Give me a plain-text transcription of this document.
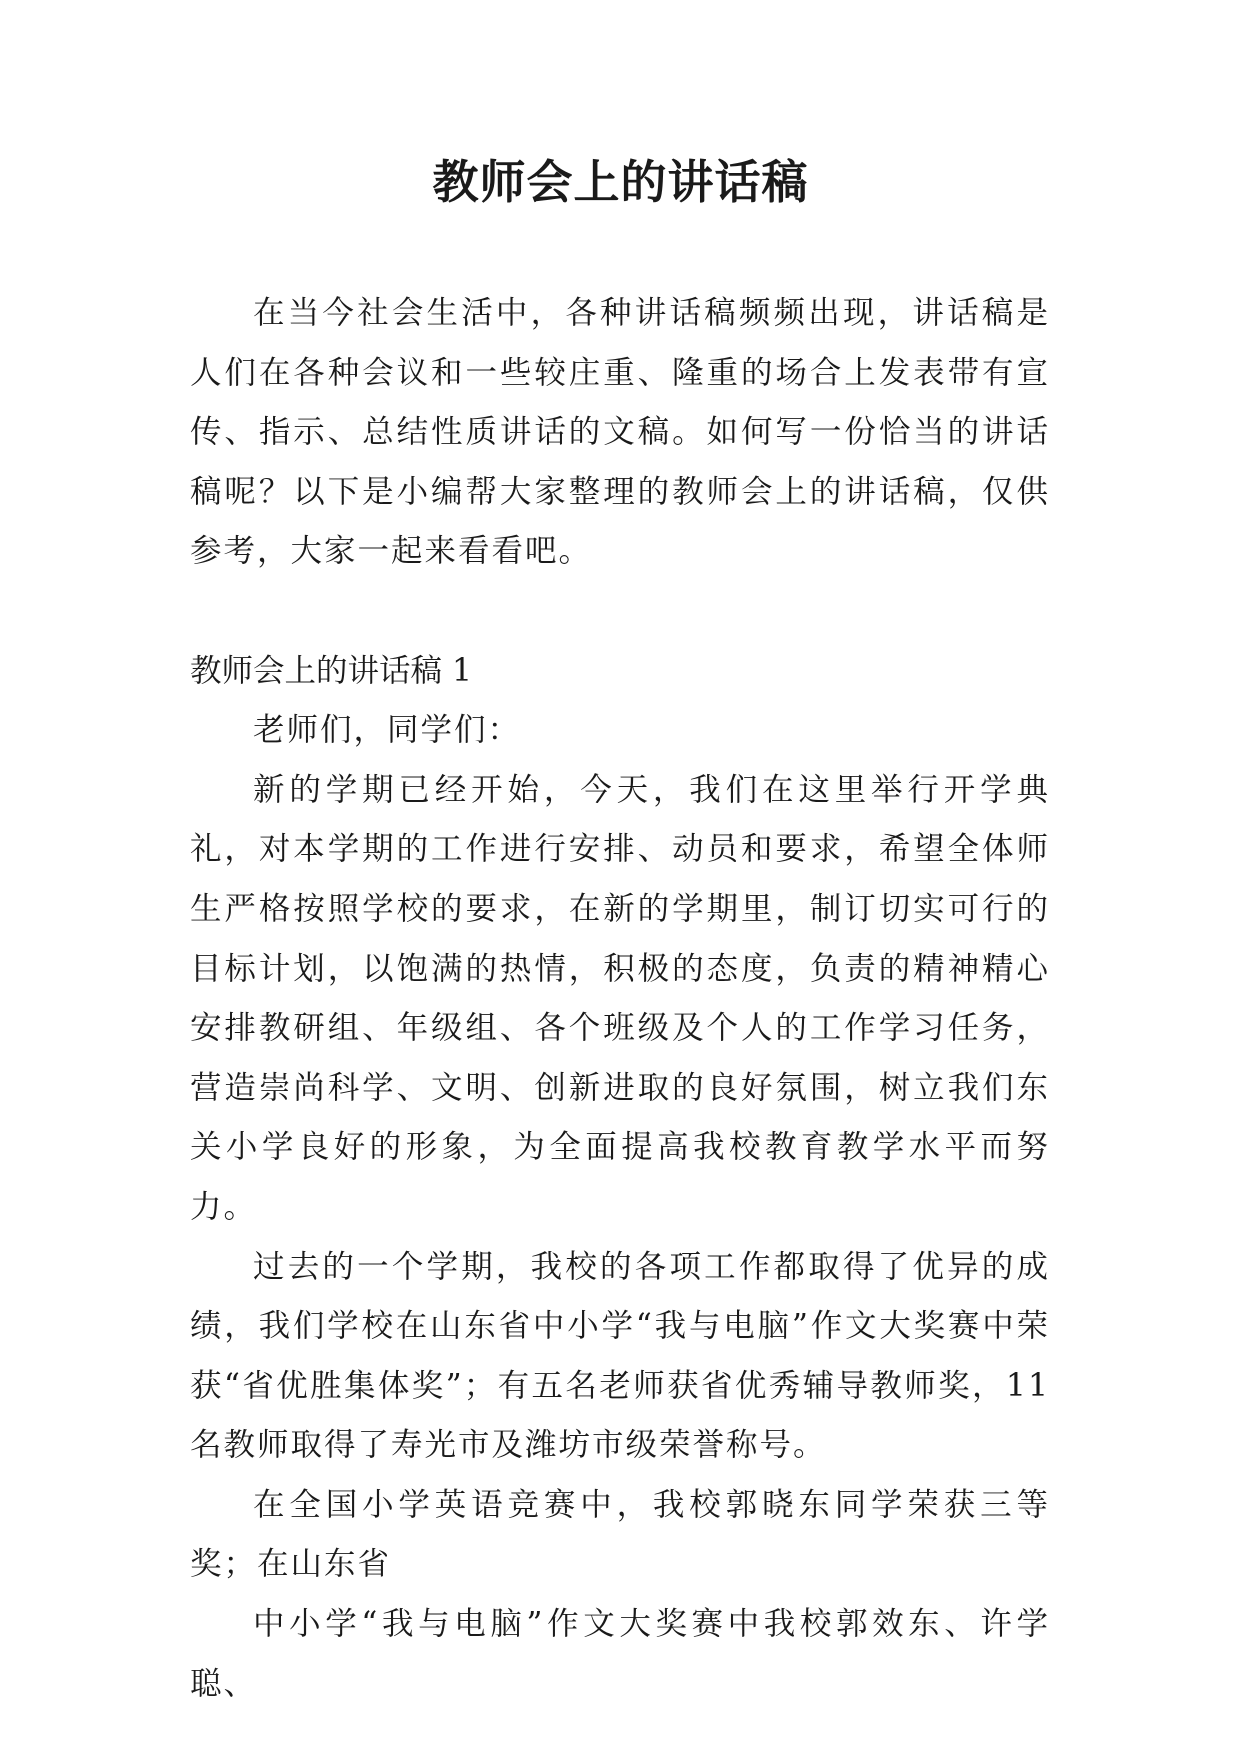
教师会上的讲话稿

在当今社会生活中，各种讲话稿频频出现，讲话稿是人们在各种会议和一些较庄重、隆重的场合上发表带有宣传、指示、总结性质讲话的文稿。如何写一份恰当的讲话稿呢？以下是小编帮大家整理的教师会上的讲话稿，仅供参考，大家一起来看看吧。

教师会上的讲话稿 1

老师们，同学们：

新的学期已经开始，今天，我们在这里举行开学典礼，对本学期的工作进行安排、动员和要求，希望全体师生严格按照学校的要求，在新的学期里，制订切实可行的目标计划，以饱满的热情，积极的态度，负责的精神精心安排教研组、年级组、各个班级及个人的工作学习任务，营造崇尚科学、文明、创新进取的良好氛围，树立我们东关小学良好的形象，为全面提高我校教育教学水平而努力。

过去的一个学期，我校的各项工作都取得了优异的成绩，我们学校在山东省中小学“我与电脑”作文大奖赛中荣获“省优胜集体奖”；有五名老师获省优秀辅导教师奖，11 名教师取得了寿光市及潍坊市级荣誉称号。

在全国小学英语竞赛中，我校郭晓东同学荣获三等奖；在山东省

中小学“我与电脑”作文大奖赛中我校郭效东、许学聪、
